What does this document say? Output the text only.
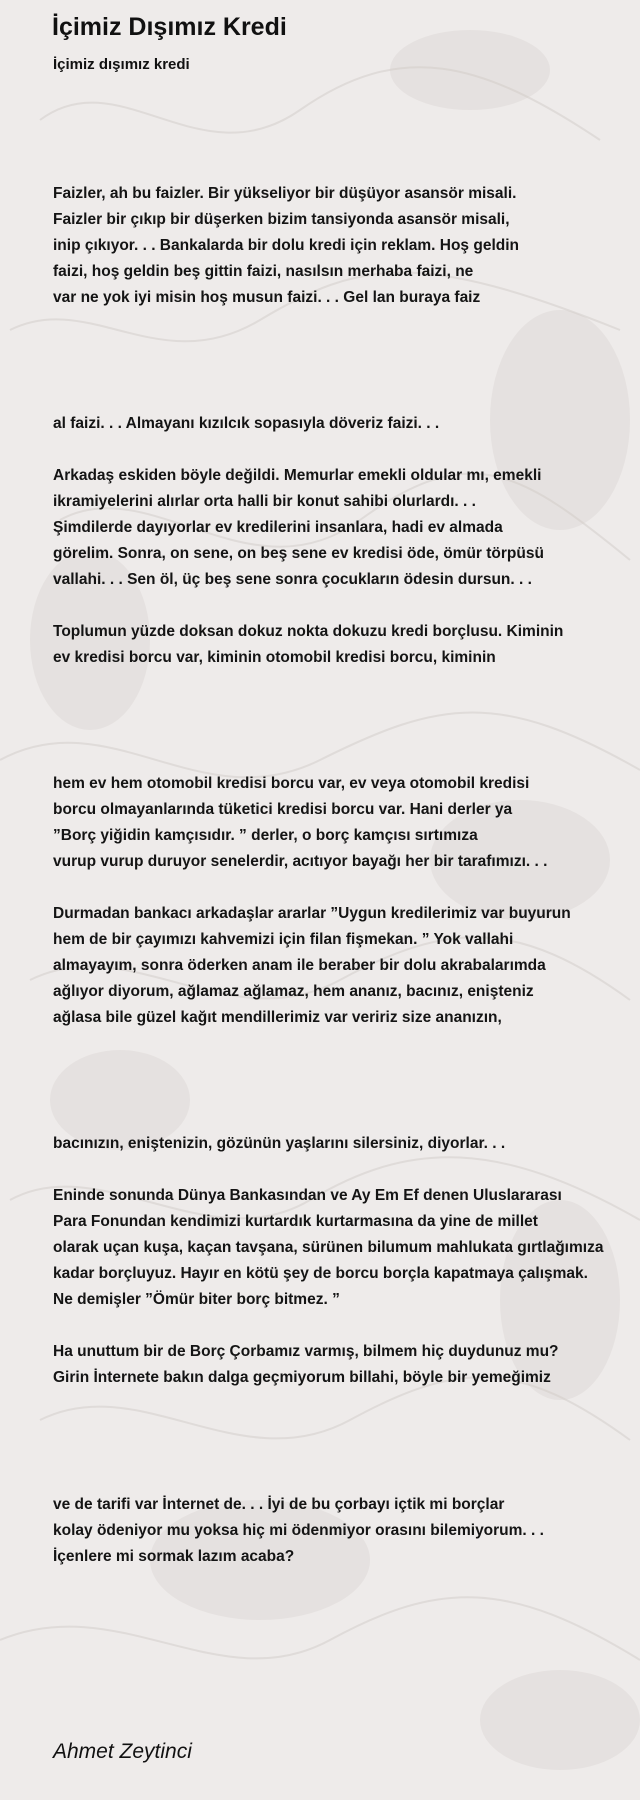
İçimiz Dışımız Kredi
İçimiz dışımız kredi
Faizler, ah bu faizler. Bir yükseliyor bir düşüyor asansör misali.
Faizler bir çıkıp bir düşerken bizim tansiyonda asansör misali,
inip çıkıyor. . . Bankalarda bir dolu kredi için reklam. Hoş geldin
faizi, hoş geldin beş gittin faizi, nasılsın merhaba faizi, ne
var ne yok iyi misin hoş musun faizi. . . Gel lan buraya faiz
al faizi. . . Almayanı kızılcık sopasıyla döveriz faizi. . .
Arkadaş eskiden böyle değildi. Memurlar emekli oldular mı, emekli
ikramiyelerini alırlar orta halli bir konut sahibi olurlardı. . .
Şimdilerde dayıyorlar ev kredilerini insanlara, hadi ev almada
görelim. Sonra, on sene, on beş sene ev kredisi öde, ömür törpüsü
vallahi. . . Sen öl, üç beş sene sonra çocukların ödesin dursun. . .
Toplumun yüzde doksan dokuz nokta dokuzu kredi borçlusu. Kiminin
ev kredisi borcu var, kiminin otomobil kredisi borcu, kiminin
hem ev hem otomobil kredisi borcu var, ev veya otomobil kredisi
borcu olmayanlarında tüketici kredisi borcu var. Hani derler ya
”Borç yiğidin kamçısıdır. ” derler, o borç kamçısı sırtımıza
vurup vurup duruyor senelerdir, acıtıyor bayağı her bir tarafımızı. . .
Durmadan bankacı arkadaşlar ararlar ”Uygun kredilerimiz var buyurun
hem de bir çayımızı kahvemizi için filan fişmekan. ” Yok vallahi
almayayım, sonra öderken anam ile beraber bir dolu akrabalarımda
ağlıyor diyorum, ağlamaz ağlamaz, hem ananız, bacınız, enişteniz
ağlasa bile güzel kağıt mendillerimiz var veririz size ananızın,
bacınızın, eniştenizin, gözünün yaşlarını silersiniz, diyorlar. . .
Eninde sonunda Dünya Bankasından ve Ay Em Ef denen Uluslararası
Para Fonundan kendimizi kurtardık kurtarmasına da yine de millet
olarak uçan kuşa, kaçan tavşana, sürünen bilumum mahlukata gırtlağımıza
kadar borçluyuz. Hayır en kötü şey de borcu borçla kapatmaya çalışmak.
Ne demişler ”Ömür biter borç bitmez. ”
Ha unuttum bir de Borç Çorbamız varmış, bilmem hiç duydunuz mu?
Girin İnternete bakın dalga geçmiyorum billahi, böyle bir yemeğimiz
ve de tarifi var İnternet de. . . İyi de bu çorbayı içtik mi borçlar
kolay ödeniyor mu yoksa hiç mi ödenmiyor orasını bilemiyorum. . .
İçenlere mi sormak lazım acaba?

Ahmet Zeytinci
